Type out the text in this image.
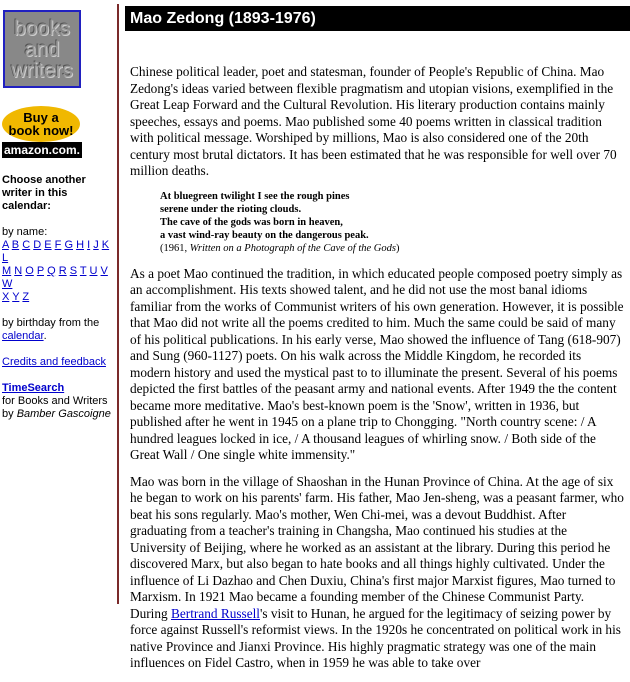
books and writers
Buy a
book now!
amazon.com.

Choose another writer in this calendar:

by name:
A B C D E F G H I J K L
M N O P Q R S T U V W
X Y Z

by birthday from the
calendar.

Credits and feedback

TimeSearch
for Books and Writers
by Bamber Gascoigne

Mao Zedong (1893-1976)

Chinese political leader, poet and statesman, founder of People's Republic of China. Mao Zedong's ideas varied between flexible pragmatism and utopian visions, exemplified in the Great Leap Forward and the Cultural Revolution. His literary production contains mainly speeches, essays and poems. Mao published some 40 poems written in classical tradition with political message. Worshiped by millions, Mao is also considered one of the 20th century most brutal dictators. It has been estimated that he was responsible for well over 70 million deaths.

At bluegreen twilight I see the rough pines
serene under the rioting clouds.
The cave of the gods was born in heaven,
a vast wind-ray beauty on the dangerous peak.
(1961, Written on a Photograph of the Cave of the Gods)

As a poet Mao continued the tradition, in which educated people composed poetry simply as an accomplishment. His texts showed talent, and he did not use the most banal idioms familiar from the works of Communist writers of his own generation. However, it is possible that Mao did not write all the poems credited to him. Much the same could be said of many of his political publications. In his early verse, Mao showed the influence of Tang (618-907) and Sung (960-1127) poets. On his walk across the Middle Kingdom, he recorded its modern history and used the mystical past to to illuminate the present. Several of his poems depicted the first battles of the peasant army and national events. After 1949 the the content became more meditative. Mao's best-known poem is the 'Snow', written in 1936, but published after he went in 1945 on a plane trip to Chongging. "North country scene: / A hundred leagues locked in ice, / A thousand leagues of whirling snow. / Both side of the Great Wall / One single white immensity."

Mao was born in the village of Shaoshan in the Hunan Province of China. At the age of six he began to work on his parents' farm. His father, Mao Jen-sheng, was a peasant farmer, who beat his sons regularly. Mao's mother, Wen Chi-mei, was a devout Buddhist. After graduating from a teacher's training in Changsha, Mao continued his studies at the University of Beijing, where he worked as an assistant at the library. During this period he discovered Marx, but also began to hate books and all things highly cultivated. Under the influence of Li Dazhao and Chen Duxiu, China's first major Marxist figures, Mao turned to Marxism. In 1921 Mao became a founding member of the Chinese Communist Party. During Bertrand Russell's visit to Hunan, he argued for the legitimacy of seizing power by force against Russell's reformist views. In the 1920s he concentrated on political work in his native Province and Jianxi Province. His highly pragmatic strategy was one of the main influences on Fidel Castro, when in 1959 he was able to take over
